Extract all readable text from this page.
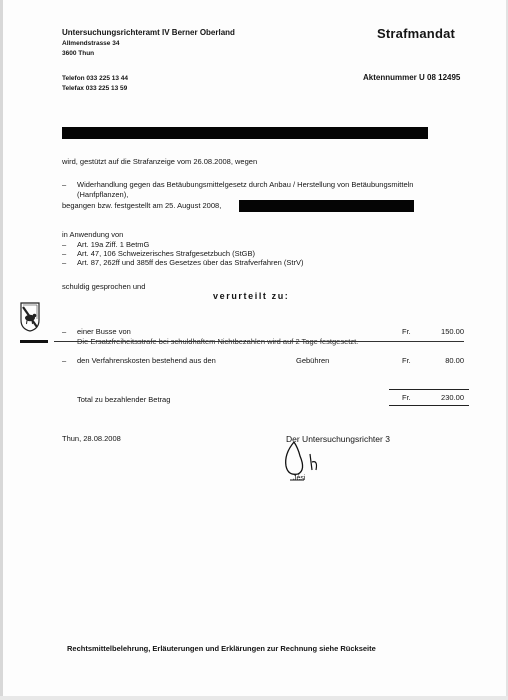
Untersuchungsrichteramt IV Berner Oberland
Allmendstrasse 34
3600 Thun
Strafmandat
Telefon 033 225 13 44
Telefax 033 225 13 59
Aktennummer U 08 12495
wird, gestützt auf die Strafanzeige vom 26.08.2008, wegen
– Widerhandlung gegen das Betäubungsmittelgesetz durch Anbau / Herstellung von Betäubungsmitteln
(Hanfpflanzen),
begangen bzw. festgestellt am 25. August 2008,
in Anwendung von
– Art. 19a Ziff. 1 BetmG
– Art. 47, 106 Schweizerisches Strafgesetzbuch (StGB)
– Art. 87, 262ff und 385ff des Gesetzes über das Strafverfahren (StrV)
schuldig gesprochen und
verurteilt zu:
– einer Busse von	Fr.	150.00
Die Ersatzfreiheitsstrafe bei schuldhaftem Nichtbezahlen wird auf 2 Tage festgesetzt.
– den Verfahrenskosten bestehend aus den	Gebühren	Fr.	80.00
Total zu bezahlender Betrag	Fr.	230.00
Thun, 28.08.2008	Der Untersuchungsrichter 3
Jési
Rechtsmittelbelehrung, Erläuterungen und Erklärungen zur Rechnung siehe Rückseite
